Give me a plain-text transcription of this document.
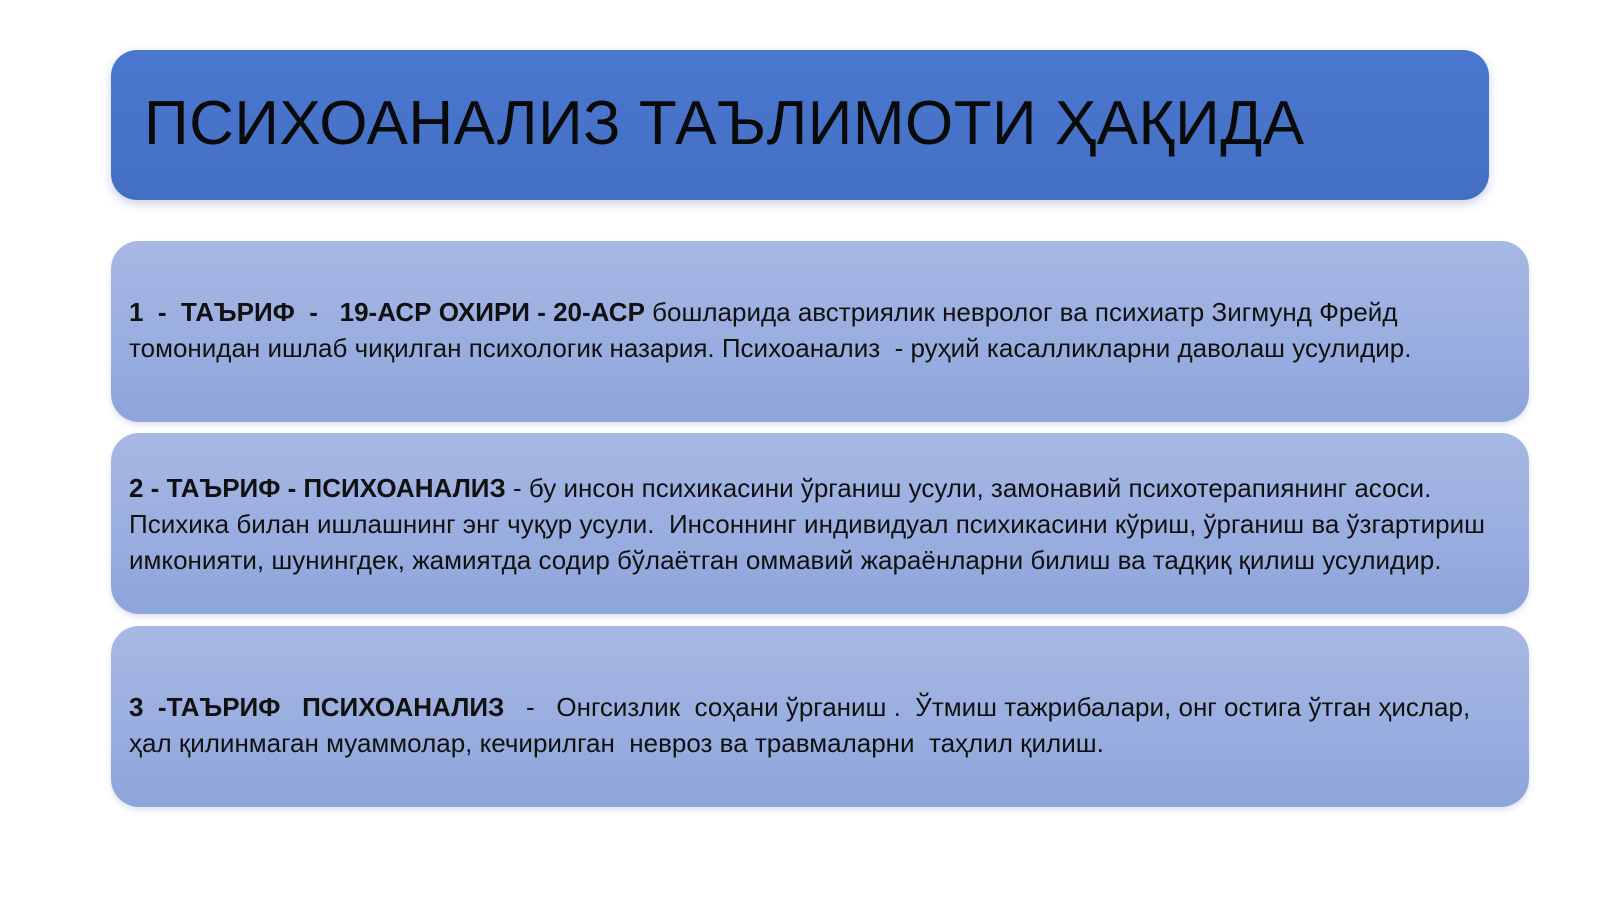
ПСИХОАНАЛИЗ ТАЪЛИМОТИ ҲАҚИДА

1  -  ТАЪРИФ  -   19-АСР ОХИРИ - 20-АСР бошларида австриялик невролог ва психиатр Зигмунд Фрейд томонидан ишлаб чиқилган психологик назария. Психоанализ  - руҳий касалликларни даволаш усулидир.

2 - ТАЪРИФ - ПСИХОАНАЛИЗ - бу инсон психикасини ўрганиш усули, замонавий психотерапиянинг асоси. Психика билан ишлашнинг энг чуқур усули.  Инсоннинг индивидуал психикасини кўриш, ўрганиш ва ўзгартириш имконияти, шунингдек, жамиятда содир бўлаётган оммавий жараёнларни билиш ва тадқиқ қилиш усулидир.

3  -ТАЪРИФ   ПСИХОАНАЛИЗ   -   Онгсизлик  соҳани ўрганиш .  Ўтмиш тажрибалари, онг остига ўтган ҳислар, ҳал қилинмаган муаммолар, кечирилган  невроз ва травмаларни  таҳлил қилиш.
